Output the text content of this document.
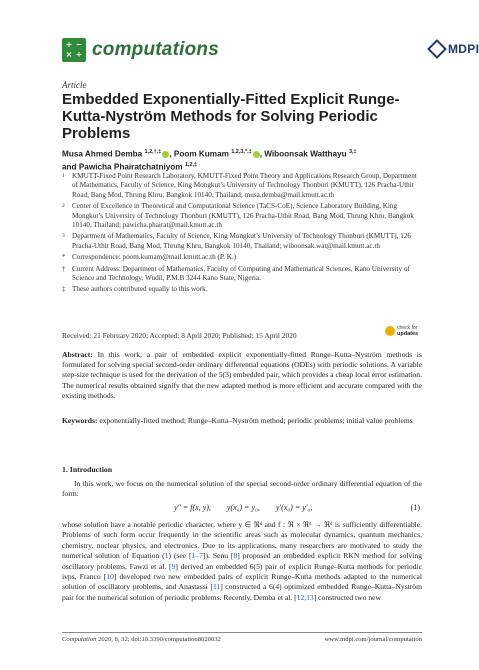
+ −
× ÷ computations	MDPI
Article
Embedded Exponentially-Fitted Explicit Runge-Kutta-Nyström Methods for Solving Periodic Problems
Musa Ahmed Demba $^{1,2,\dagger,\ddagger}$ , Poom Kumam $^{1,2,3,*,\ddagger}$ , Wiboonsak Watthayu $^{3,\ddagger}$
and Pawicha Phairatchatniyom $^{1,2,\ddagger}$
1 KMUTT-Fixed Point Research Laboratory, KMUTT-Fixed Point Theory and Applications Research Group, Department of Mathematics, Faculty of Science, King Mongkut’s University of Technology Thonburi (KMUTT), 126 Pracha-Uthit Road, Bang Mod, Thrung Khru, Bangkok 10140, Thailand; musa.demba@mail.kmutt.ac.th
2 Center of Excellence in Theoretical and Computational Science (TaCS-CoE), Science Laboratory Building, King Mongkut’s University of Technology Thonburi (KMUTT), 126 Pracha-Uthit Road, Bang Mod, Thrung Khru, Bangkok 10140, Thailand; pawicha.phairat@mail.kmutt.ac.th
3 Department of Mathematics, Faculty of Science, King Mongkut’s University of Technology Thonburi (KMUTT), 126 Pracha-Uthit Road, Bang Mod, Thrung Khru, Bangkok 10140, Thailand; wiboonsak.wat@mail.kmutt.ac.th
* Correspondence: poom.kumam@mail.kmutt.ac.th (P. K.)
† Current Address: Department of Mathematics, Faculty of Computing and Mathematical Sciences, Kano University of Science and Technology, Wudil, P.M.B 3244 Kano State, Nigeria.
‡ These authors contributed equally to this work.
Received: 21 February 2020; Accepted: 8 April 2020; Published: 15 April 2020
check for
updates
Abstract: In this work, a pair of embedded explicit exponentially-fitted Runge–Kutta–Nyström methods is formulated for solving special second-order ordinary differential equations (ODEs) with periodic solutions. A variable step-size technique is used for the derivation of the 5(3) embedded pair, which provides a cheap local error estimation. The numerical results obtained signify that the new adapted method is more efficient and accurate compared with the existing methods.
Keywords: exponentially-fitted method; Runge–Kutta–Nyström method; periodic problems; initial value problems
1. Introduction
In this work, we focus on the numerical solution of the special second-order ordinary differential equation of the form:
y″ = f(x, y),        y(x₀) = y₀,        y′(x₀) = y′₀,	(1)
whose solution have a notable periodic character, where y ∈ ℜᵈ and f : ℜ × ℜᵈ → ℜᵈ is sufficiently differentiable. Problems of such form occur frequently in the scientific areas such as molecular dynamics, quantum mechanics, chemistry, nuclear physics, and electronics. Due to its applications, many researchers are motivated to study the numerical solution of Equation (1) (see [1–7]). Senu [8] proposed an embedded explicit RKN method for solving oscillatory problems, Fawzi et al. [9] derived an embedded 6(5) pair of explicit Runge–Kutta methods for periodic ivps, Franco [10] developed two new embedded pairs of explicit Runge–Kutta methods adapted to the numerical solution of oscillatory problems, and Anastassi [11] constructed a 6(4) optimized embedded Runge–Kutta–Nyström pair for the numerical solution of periodic problems. Recently, Demba et al. [12,13] constructed two new
Computation 2020, 8, 32; doi:10.3390/computation8020032	www.mdpi.com/journal/computation
